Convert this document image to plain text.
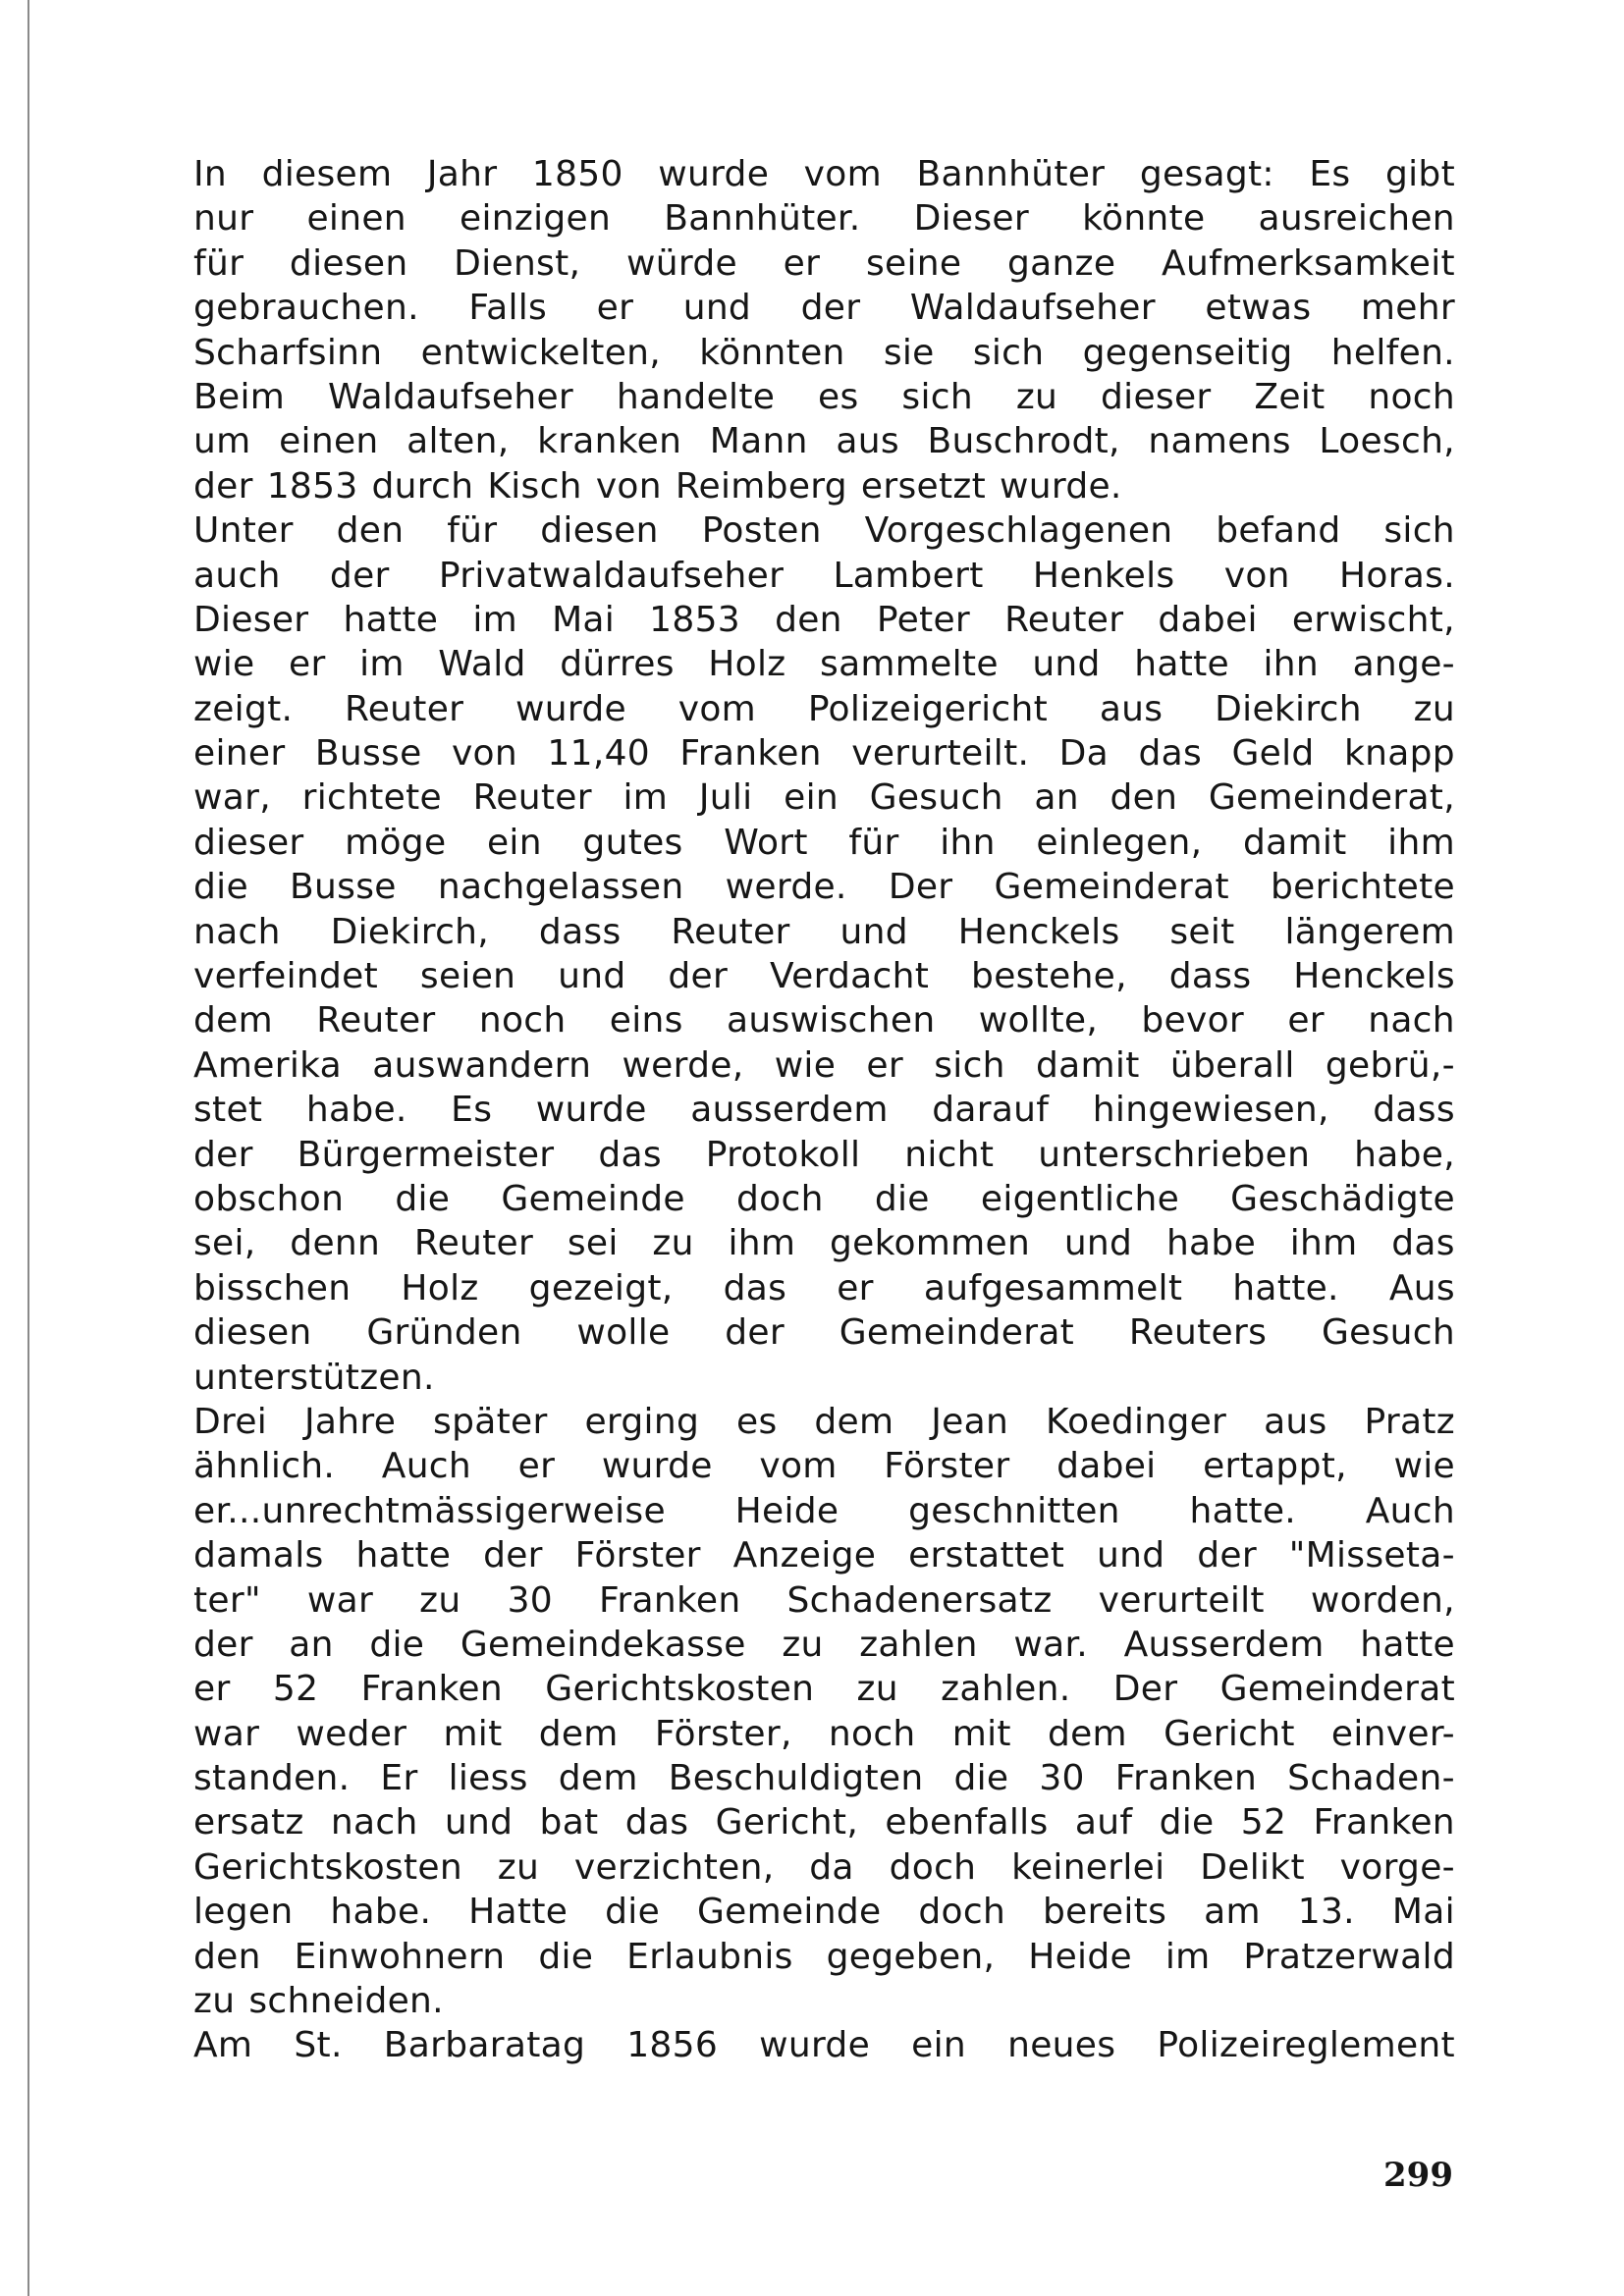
In diesem Jahr 1850 wurde vom Bannhüter gesagt: Es gibt
nur einen einzigen Bannhüter. Dieser könnte ausreichen
für diesen Dienst, würde er seine ganze Aufmerksamkeit
gebrauchen. Falls er und der Waldaufseher etwas mehr
Scharfsinn entwickelten, könnten sie sich gegenseitig helfen.
Beim Waldaufseher handelte es sich zu dieser Zeit noch
um einen alten, kranken Mann aus Buschrodt, namens Loesch,
der 1853 durch Kisch von Reimberg ersetzt wurde.
Unter den für diesen Posten Vorgeschlagenen befand sich
auch der Privatwaldaufseher Lambert Henkels von Horas.
Dieser hatte im Mai 1853 den Peter Reuter dabei erwischt,
wie er im Wald dürres Holz sammelte und hatte ihn ange-
zeigt. Reuter wurde vom Polizeigericht aus Diekirch zu
einer Busse von 11,40 Franken verurteilt. Da das Geld knapp
war, richtete Reuter im Juli ein Gesuch an den Gemeinderat,
dieser möge ein gutes Wort für ihn einlegen, damit ihm
die Busse nachgelassen werde. Der Gemeinderat berichtete
nach Diekirch, dass Reuter und Henckels seit längerem
verfeindet seien und der Verdacht bestehe, dass Henckels
dem Reuter noch eins auswischen wollte, bevor er nach
Amerika auswandern werde, wie er sich damit überall gebrü,-
stet habe. Es wurde ausserdem darauf hingewiesen, dass
der Bürgermeister das Protokoll nicht unterschrieben habe,
obschon die Gemeinde doch die eigentliche Geschädigte
sei, denn Reuter sei zu ihm gekommen und habe ihm das
bisschen Holz gezeigt, das er aufgesammelt hatte. Aus
diesen Gründen wolle der Gemeinderat Reuters Gesuch
unterstützen.
Drei Jahre später erging es dem Jean Koedinger aus Pratz
ähnlich. Auch er wurde vom Förster dabei ertappt, wie
er...unrechtmässigerweise Heide geschnitten hatte. Auch
damals hatte der Förster Anzeige erstattet und der "Misseta-
ter" war zu 30 Franken Schadenersatz verurteilt worden,
der an die Gemeindekasse zu zahlen war. Ausserdem hatte
er 52 Franken Gerichtskosten zu zahlen. Der Gemeinderat
war weder mit dem Förster, noch mit dem Gericht einver-
standen. Er liess dem Beschuldigten die 30 Franken Schaden-
ersatz nach und bat das Gericht, ebenfalls auf die 52 Franken
Gerichtskosten zu verzichten, da doch keinerlei Delikt vorge-
legen habe. Hatte die Gemeinde doch bereits am 13. Mai
den Einwohnern die Erlaubnis gegeben, Heide im Pratzerwald
zu schneiden.
Am St. Barbaratag 1856 wurde ein neues Polizeireglement
299
